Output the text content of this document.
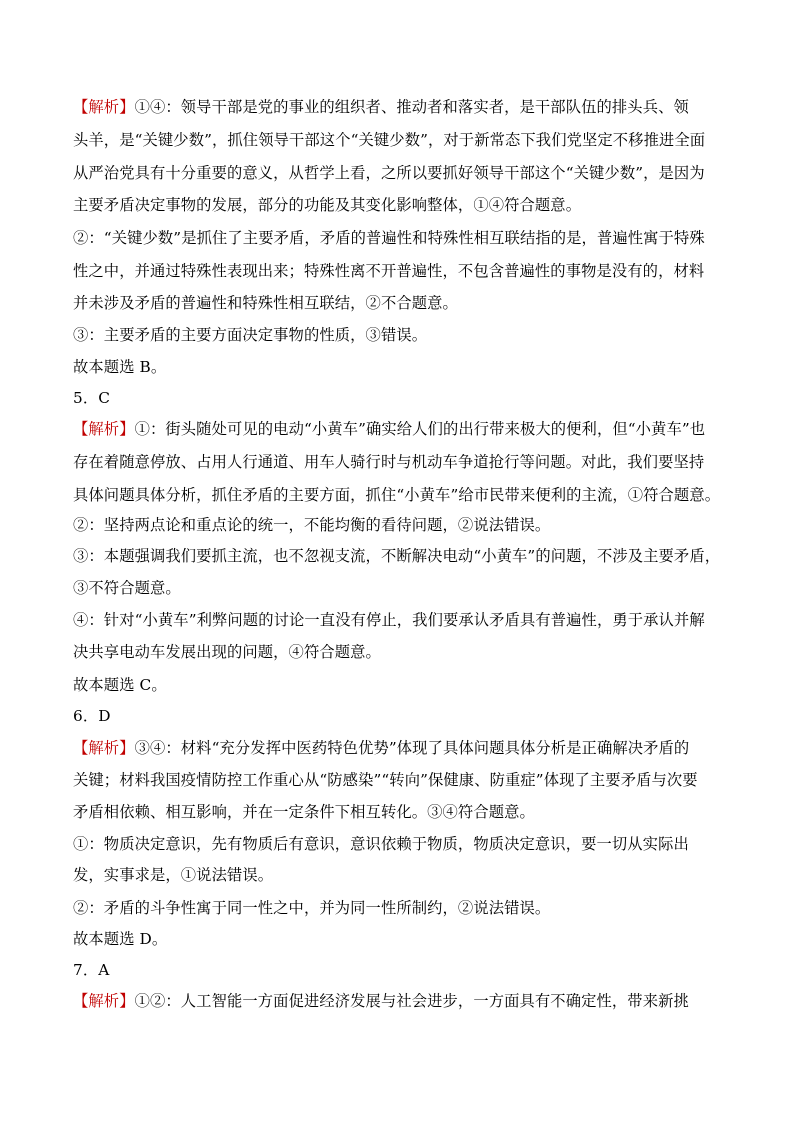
【解析】①④：领导干部是党的事业的组织者、推动者和落实者，是干部队伍的排头兵、领
头羊，是“关键少数”，抓住领导干部这个“关键少数”，对于新常态下我们党坚定不移推进全面
从严治党具有十分重要的意义，从哲学上看，之所以要抓好领导干部这个“关键少数”，是因为
主要矛盾决定事物的发展，部分的功能及其变化影响整体，①④符合题意。
②：“关键少数”是抓住了主要矛盾，矛盾的普遍性和特殊性相互联结指的是，普遍性寓于特殊
性之中，并通过特殊性表现出来；特殊性离不开普遍性，不包含普遍性的事物是没有的，材料
并未涉及矛盾的普遍性和特殊性相互联结，②不合题意。
③：主要矛盾的主要方面决定事物的性质，③错误。
故本题选 B。
5．C
【解析】①：街头随处可见的电动“小黄车”确实给人们的出行带来极大的便利，但“小黄车”也
存在着随意停放、占用人行通道、用车人骑行时与机动车争道抢行等问题。对此，我们要坚持
具体问题具体分析，抓住矛盾的主要方面，抓住“小黄车”给市民带来便利的主流，①符合题意。
②：坚持两点论和重点论的统一，不能均衡的看待问题，②说法错误。
③：本题强调我们要抓主流，也不忽视支流，不断解决电动“小黄车”的问题，不涉及主要矛盾，
③不符合题意。
④：针对“小黄车”利弊问题的讨论一直没有停止，我们要承认矛盾具有普遍性，勇于承认并解
决共享电动车发展出现的问题，④符合题意。
故本题选 C。
6．D
【解析】③④：材料“充分发挥中医药特色优势”体现了具体问题具体分析是正确解决矛盾的
关键；材料我国疫情防控工作重心从“防感染”“转向”保健康、防重症”体现了主要矛盾与次要
矛盾相依赖、相互影响，并在一定条件下相互转化。③④符合题意。
①：物质决定意识，先有物质后有意识，意识依赖于物质，物质决定意识，要一切从实际出
发，实事求是，①说法错误。
②：矛盾的斗争性寓于同一性之中，并为同一性所制约，②说法错误。
故本题选 D。
7．A
【解析】①②：人工智能一方面促进经济发展与社会进步，一方面具有不确定性，带来新挑
